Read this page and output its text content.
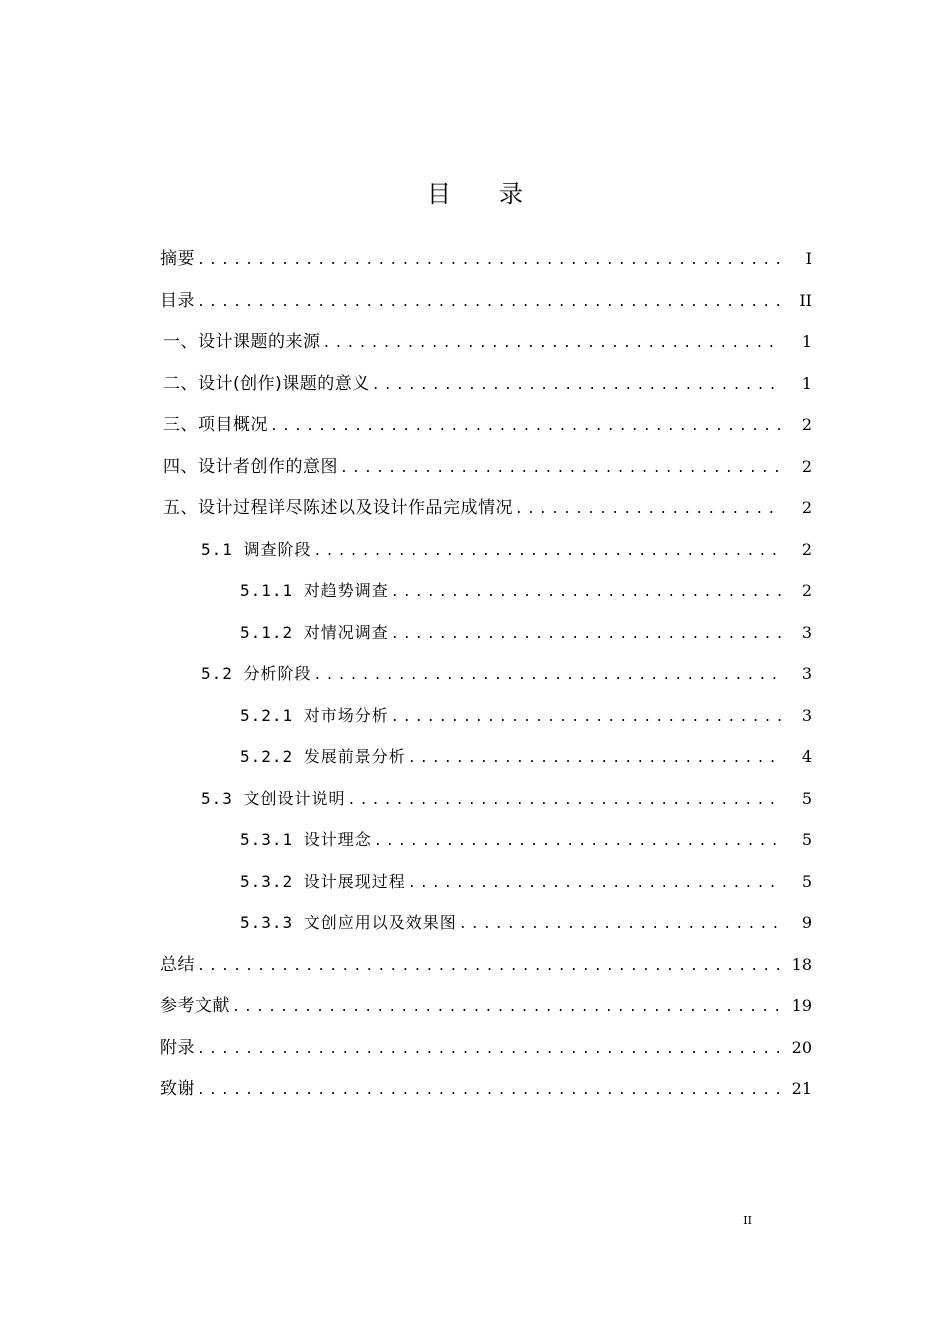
目 录
摘要 .....	I
目录 .....	II
一、设计课题的来源 .....	1
二、设计(创作)课题的意义 .....	1
三、项目概况 .....	2
四、设计者创作的意图 .....	2
五、设计过程详尽陈述以及设计作品完成情况 .....	2
5.1 调查阶段 .....	2
5.1.1 对趋势调查 .....	2
5.1.2 对情况调查 .....	3
5.2 分析阶段 .....	3
5.2.1 对市场分析 .....	3
5.2.2 发展前景分析 .....	4
5.3 文创设计说明 .....	5
5.3.1 设计理念 .....	5
5.3.2 设计展现过程 .....	5
5.3.3 文创应用以及效果图 .....	9
总结 .....	18
参考文献 .....	19
附录 .....	20
致谢 .....	21
II
